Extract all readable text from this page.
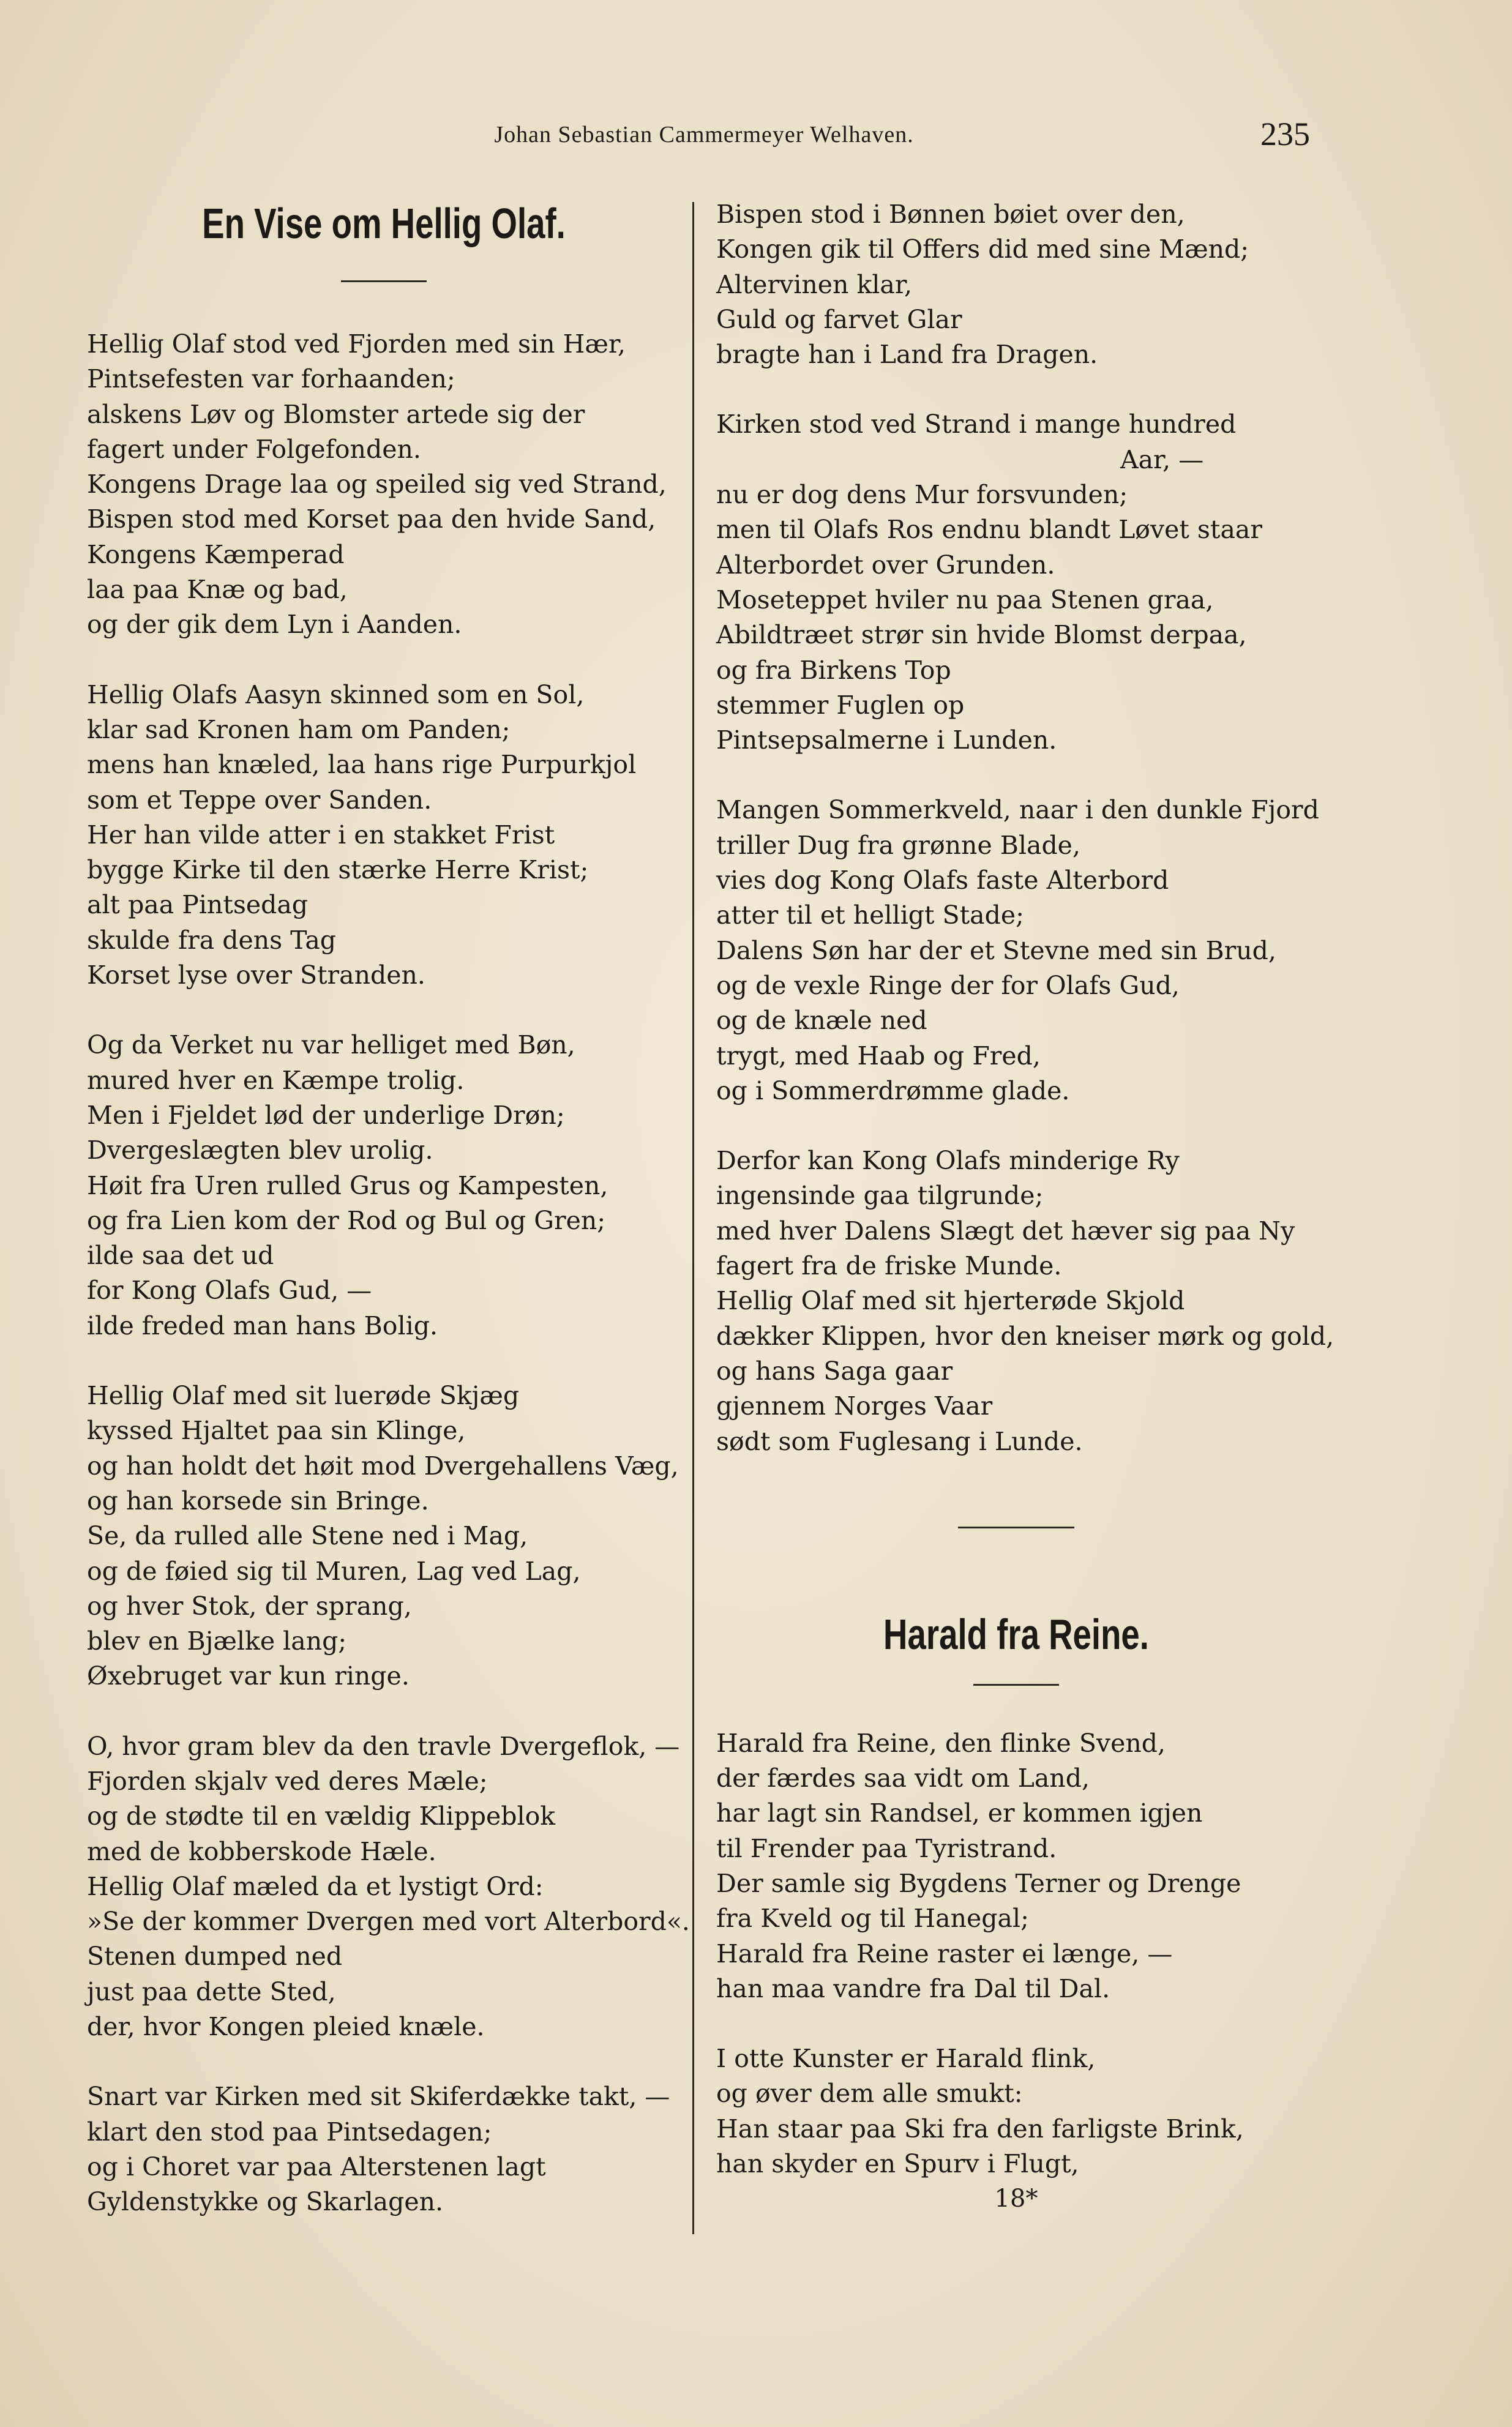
Johan Sebastian Cammermeyer Welhaven.	235
En Vise om Hellig Olaf.
Hellig Olaf stod ved Fjorden med sin Hær,
Pintsefesten var forhaanden;
alskens Løv og Blomster artede sig der
fagert under Folgefonden.
Kongens Drage laa og speiled sig ved Strand,
Bispen stod med Korset paa den hvide Sand,
Kongens Kæmperad
laa paa Knæ og bad,
og der gik dem Lyn i Aanden.
Hellig Olafs Aasyn skinned som en Sol,
klar sad Kronen ham om Panden;
mens han knæled, laa hans rige Purpurkjol
som et Teppe over Sanden.
Her han vilde atter i en stakket Frist
bygge Kirke til den stærke Herre Krist;
alt paa Pintsedag
skulde fra dens Tag
Korset lyse over Stranden.
Og da Verket nu var helliget med Bøn,
mured hver en Kæmpe trolig.
Men i Fjeldet lød der underlige Drøn;
Dvergeslægten blev urolig.
Høit fra Uren rulled Grus og Kampesten,
og fra Lien kom der Rod og Bul og Gren;
ilde saa det ud
for Kong Olafs Gud, —
ilde freded man hans Bolig.
Hellig Olaf med sit luerøde Skjæg
kyssed Hjaltet paa sin Klinge,
og han holdt det høit mod Dvergehallens Væg,
og han korsede sin Bringe.
Se, da rulled alle Stene ned i Mag,
og de føied sig til Muren, Lag ved Lag,
og hver Stok, der sprang,
blev en Bjælke lang;
Øxebruget var kun ringe.
O, hvor gram blev da den travle Dvergeflok, —
Fjorden skjalv ved deres Mæle;
og de stødte til en vældig Klippeblok
med de kobberskode Hæle.
Hellig Olaf mæled da et lystigt Ord:
»Se der kommer Dvergen med vort Alterbord«.
Stenen dumped ned
just paa dette Sted,
der, hvor Kongen pleied knæle.
Snart var Kirken med sit Skiferdække takt, —
klart den stod paa Pintsedagen;
og i Choret var paa Alterstenen lagt
Gyldenstykke og Skarlagen.
Bispen stod i Bønnen bøiet over den,
Kongen gik til Offers did med sine Mænd;
Altervinen klar,
Guld og farvet Glar
bragte han i Land fra Dragen.
Kirken stod ved Strand i mange hundred
Aar, —
nu er dog dens Mur forsvunden;
men til Olafs Ros endnu blandt Løvet staar
Alterbordet over Grunden.
Moseteppet hviler nu paa Stenen graa,
Abildtræet strør sin hvide Blomst derpaa,
og fra Birkens Top
stemmer Fuglen op
Pintsepsalmerne i Lunden.
Mangen Sommerkveld, naar i den dunkle Fjord
triller Dug fra grønne Blade,
vies dog Kong Olafs faste Alterbord
atter til et helligt Stade;
Dalens Søn har der et Stevne med sin Brud,
og de vexle Ringe der for Olafs Gud,
og de knæle ned
trygt, med Haab og Fred,
og i Sommerdrømme glade.
Derfor kan Kong Olafs minderige Ry
ingensinde gaa tilgrunde;
med hver Dalens Slægt det hæver sig paa Ny
fagert fra de friske Munde.
Hellig Olaf med sit hjerterøde Skjold
dækker Klippen, hvor den kneiser mørk og gold,
og hans Saga gaar
gjennem Norges Vaar
sødt som Fuglesang i Lunde.
Harald fra Reine.
Harald fra Reine, den flinke Svend,
der færdes saa vidt om Land,
har lagt sin Randsel, er kommen igjen
til Frender paa Tyristrand.
Der samle sig Bygdens Terner og Drenge
fra Kveld og til Hanegal;
Harald fra Reine raster ei længe, —
han maa vandre fra Dal til Dal.
I otte Kunster er Harald flink,
og øver dem alle smukt:
Han staar paa Ski fra den farligste Brink,
han skyder en Spurv i Flugt,
18*
